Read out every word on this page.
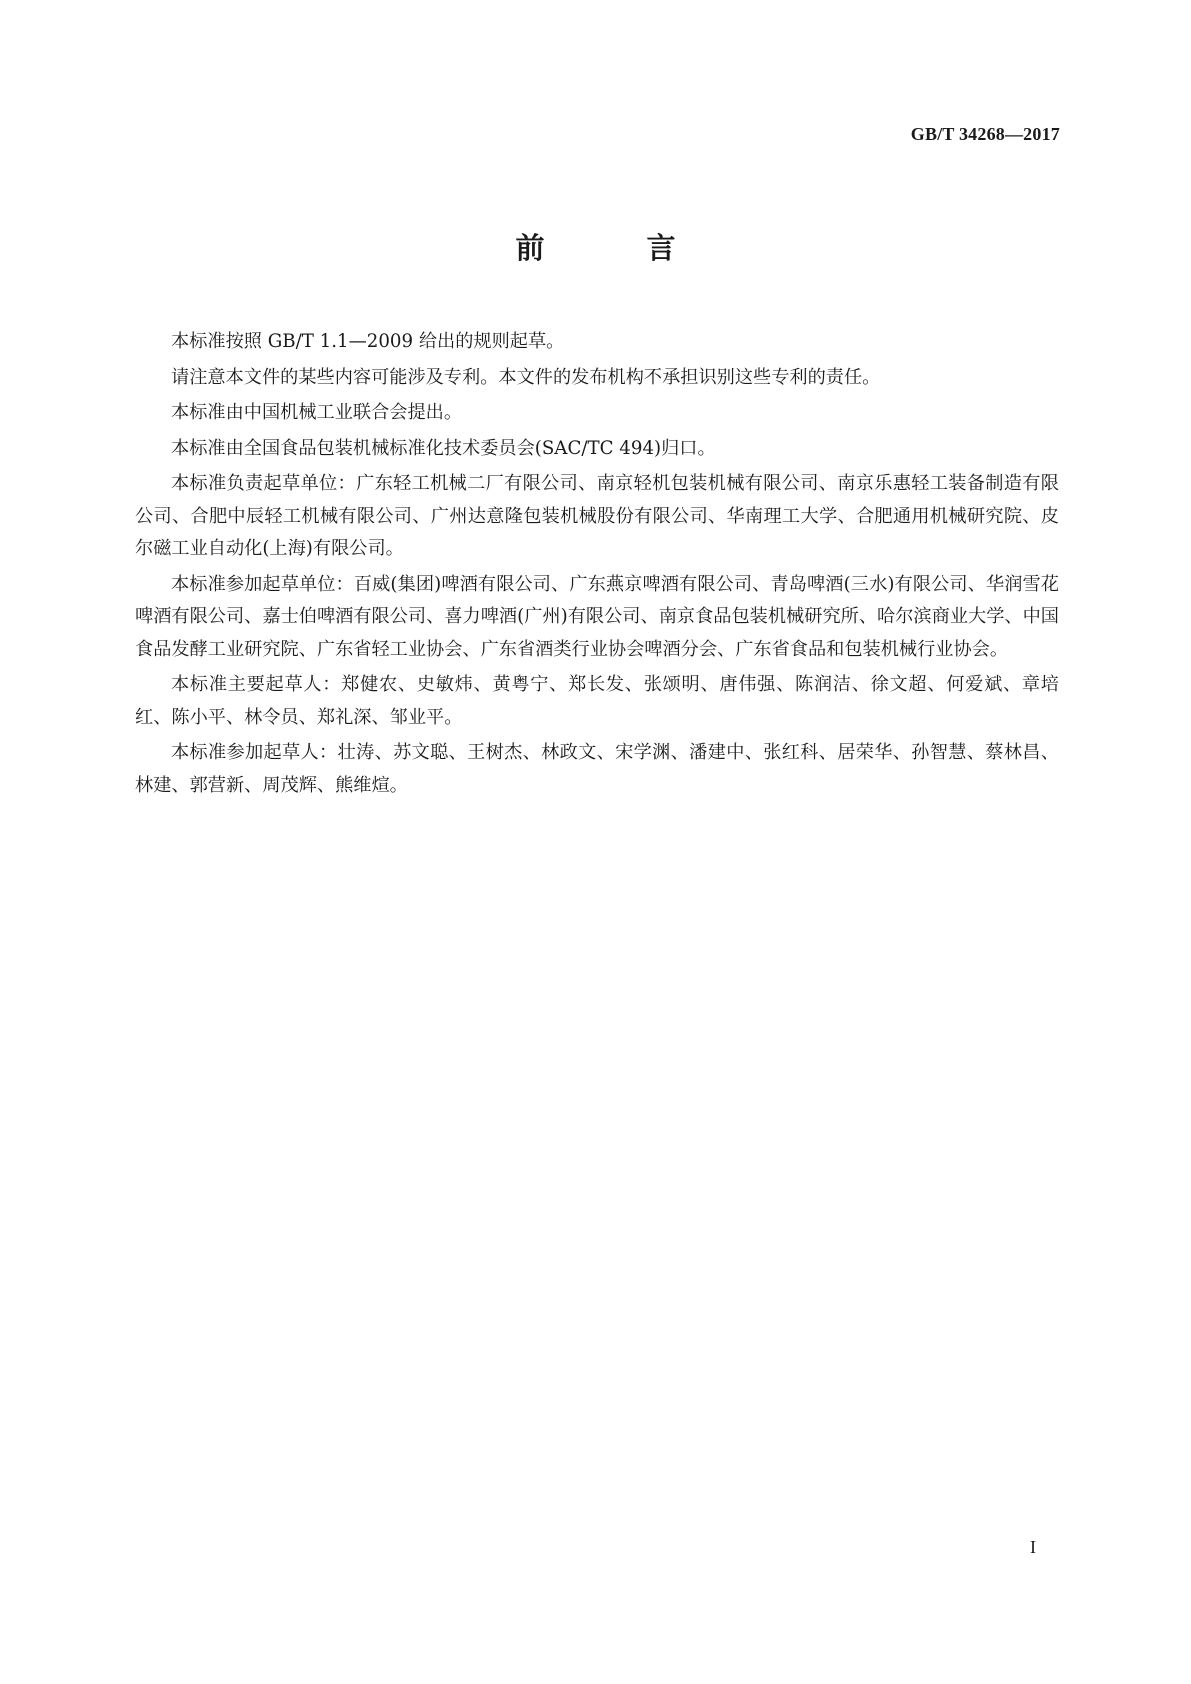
GB/T 34268—2017
前 言

本标准按照 GB/T 1.1—2009 给出的规则起草。

请注意本文件的某些内容可能涉及专利。本文件的发布机构不承担识别这些专利的责任。

本标准由中国机械工业联合会提出。

本标准由全国食品包装机械标准化技术委员会(SAC/TC 494)归口。

本标准负责起草单位：广东轻工机械二厂有限公司、南京轻机包装机械有限公司、南京乐惠轻工装备制造有限公司、合肥中辰轻工机械有限公司、广州达意隆包装机械股份有限公司、华南理工大学、合肥通用机械研究院、皮尔磁工业自动化(上海)有限公司。

本标准参加起草单位：百威(集团)啤酒有限公司、广东燕京啤酒有限公司、青岛啤酒(三水)有限公司、华润雪花啤酒有限公司、嘉士伯啤酒有限公司、喜力啤酒(广州)有限公司、南京食品包装机械研究所、哈尔滨商业大学、中国食品发酵工业研究院、广东省轻工业协会、广东省酒类行业协会啤酒分会、广东省食品和包装机械行业协会。

本标准主要起草人：郑健农、史敏炜、黄粤宁、郑长发、张颂明、唐伟强、陈润洁、徐文超、何爱斌、章培红、陈小平、林令员、郑礼深、邹业平。

本标准参加起草人：壮涛、苏文聪、王树杰、林政文、宋学渊、潘建中、张红科、居荣华、孙智慧、蔡林昌、林建、郭营新、周茂辉、熊维煊。

I
